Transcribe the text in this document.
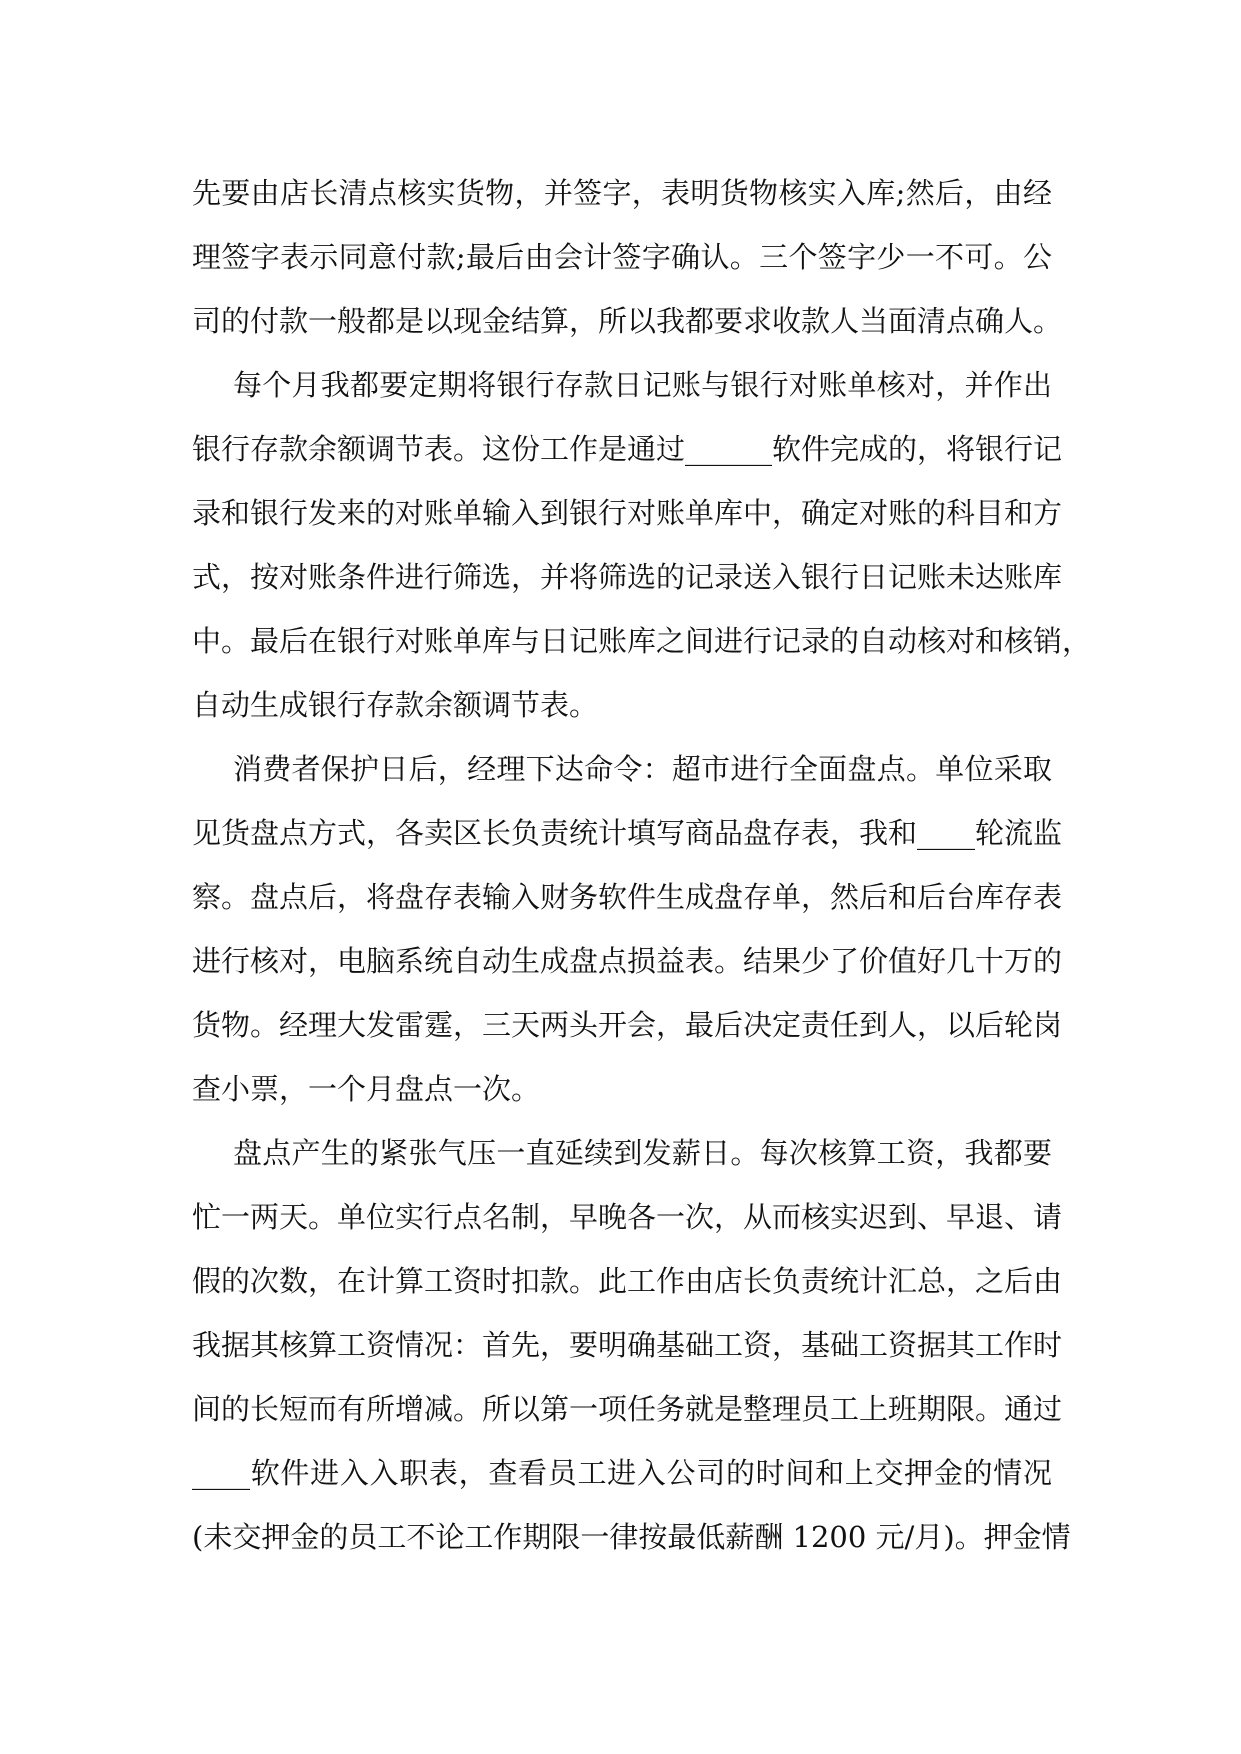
先要由店长清点核实货物，并签字，表明货物核实入库;然后，由经
理签字表示同意付款;最后由会计签字确认。三个签字少一不可。公
司的付款一般都是以现金结算，所以我都要求收款人当面清点确人。
每个月我都要定期将银行存款日记账与银行对账单核对，并作出
银行存款余额调节表。这份工作是通过______软件完成的，将银行记
录和银行发来的对账单输入到银行对账单库中，确定对账的科目和方
式，按对账条件进行筛选，并将筛选的记录送入银行日记账未达账库
中。最后在银行对账单库与日记账库之间进行记录的自动核对和核销，
自动生成银行存款余额调节表。
消费者保护日后，经理下达命令：超市进行全面盘点。单位采取
见货盘点方式，各卖区长负责统计填写商品盘存表，我和____轮流监
察。盘点后，将盘存表输入财务软件生成盘存单，然后和后台库存表
进行核对，电脑系统自动生成盘点损益表。结果少了价值好几十万的
货物。经理大发雷霆，三天两头开会，最后决定责任到人，以后轮岗
查小票，一个月盘点一次。
盘点产生的紧张气压一直延续到发薪日。每次核算工资，我都要
忙一两天。单位实行点名制，早晚各一次，从而核实迟到、早退、请
假的次数，在计算工资时扣款。此工作由店长负责统计汇总，之后由
我据其核算工资情况：首先，要明确基础工资，基础工资据其工作时
间的长短而有所增减。所以第一项任务就是整理员工上班期限。通过
____软件进入入职表，查看员工进入公司的时间和上交押金的情况
(未交押金的员工不论工作期限一律按最低薪酬 1200 元/月)。押金情
